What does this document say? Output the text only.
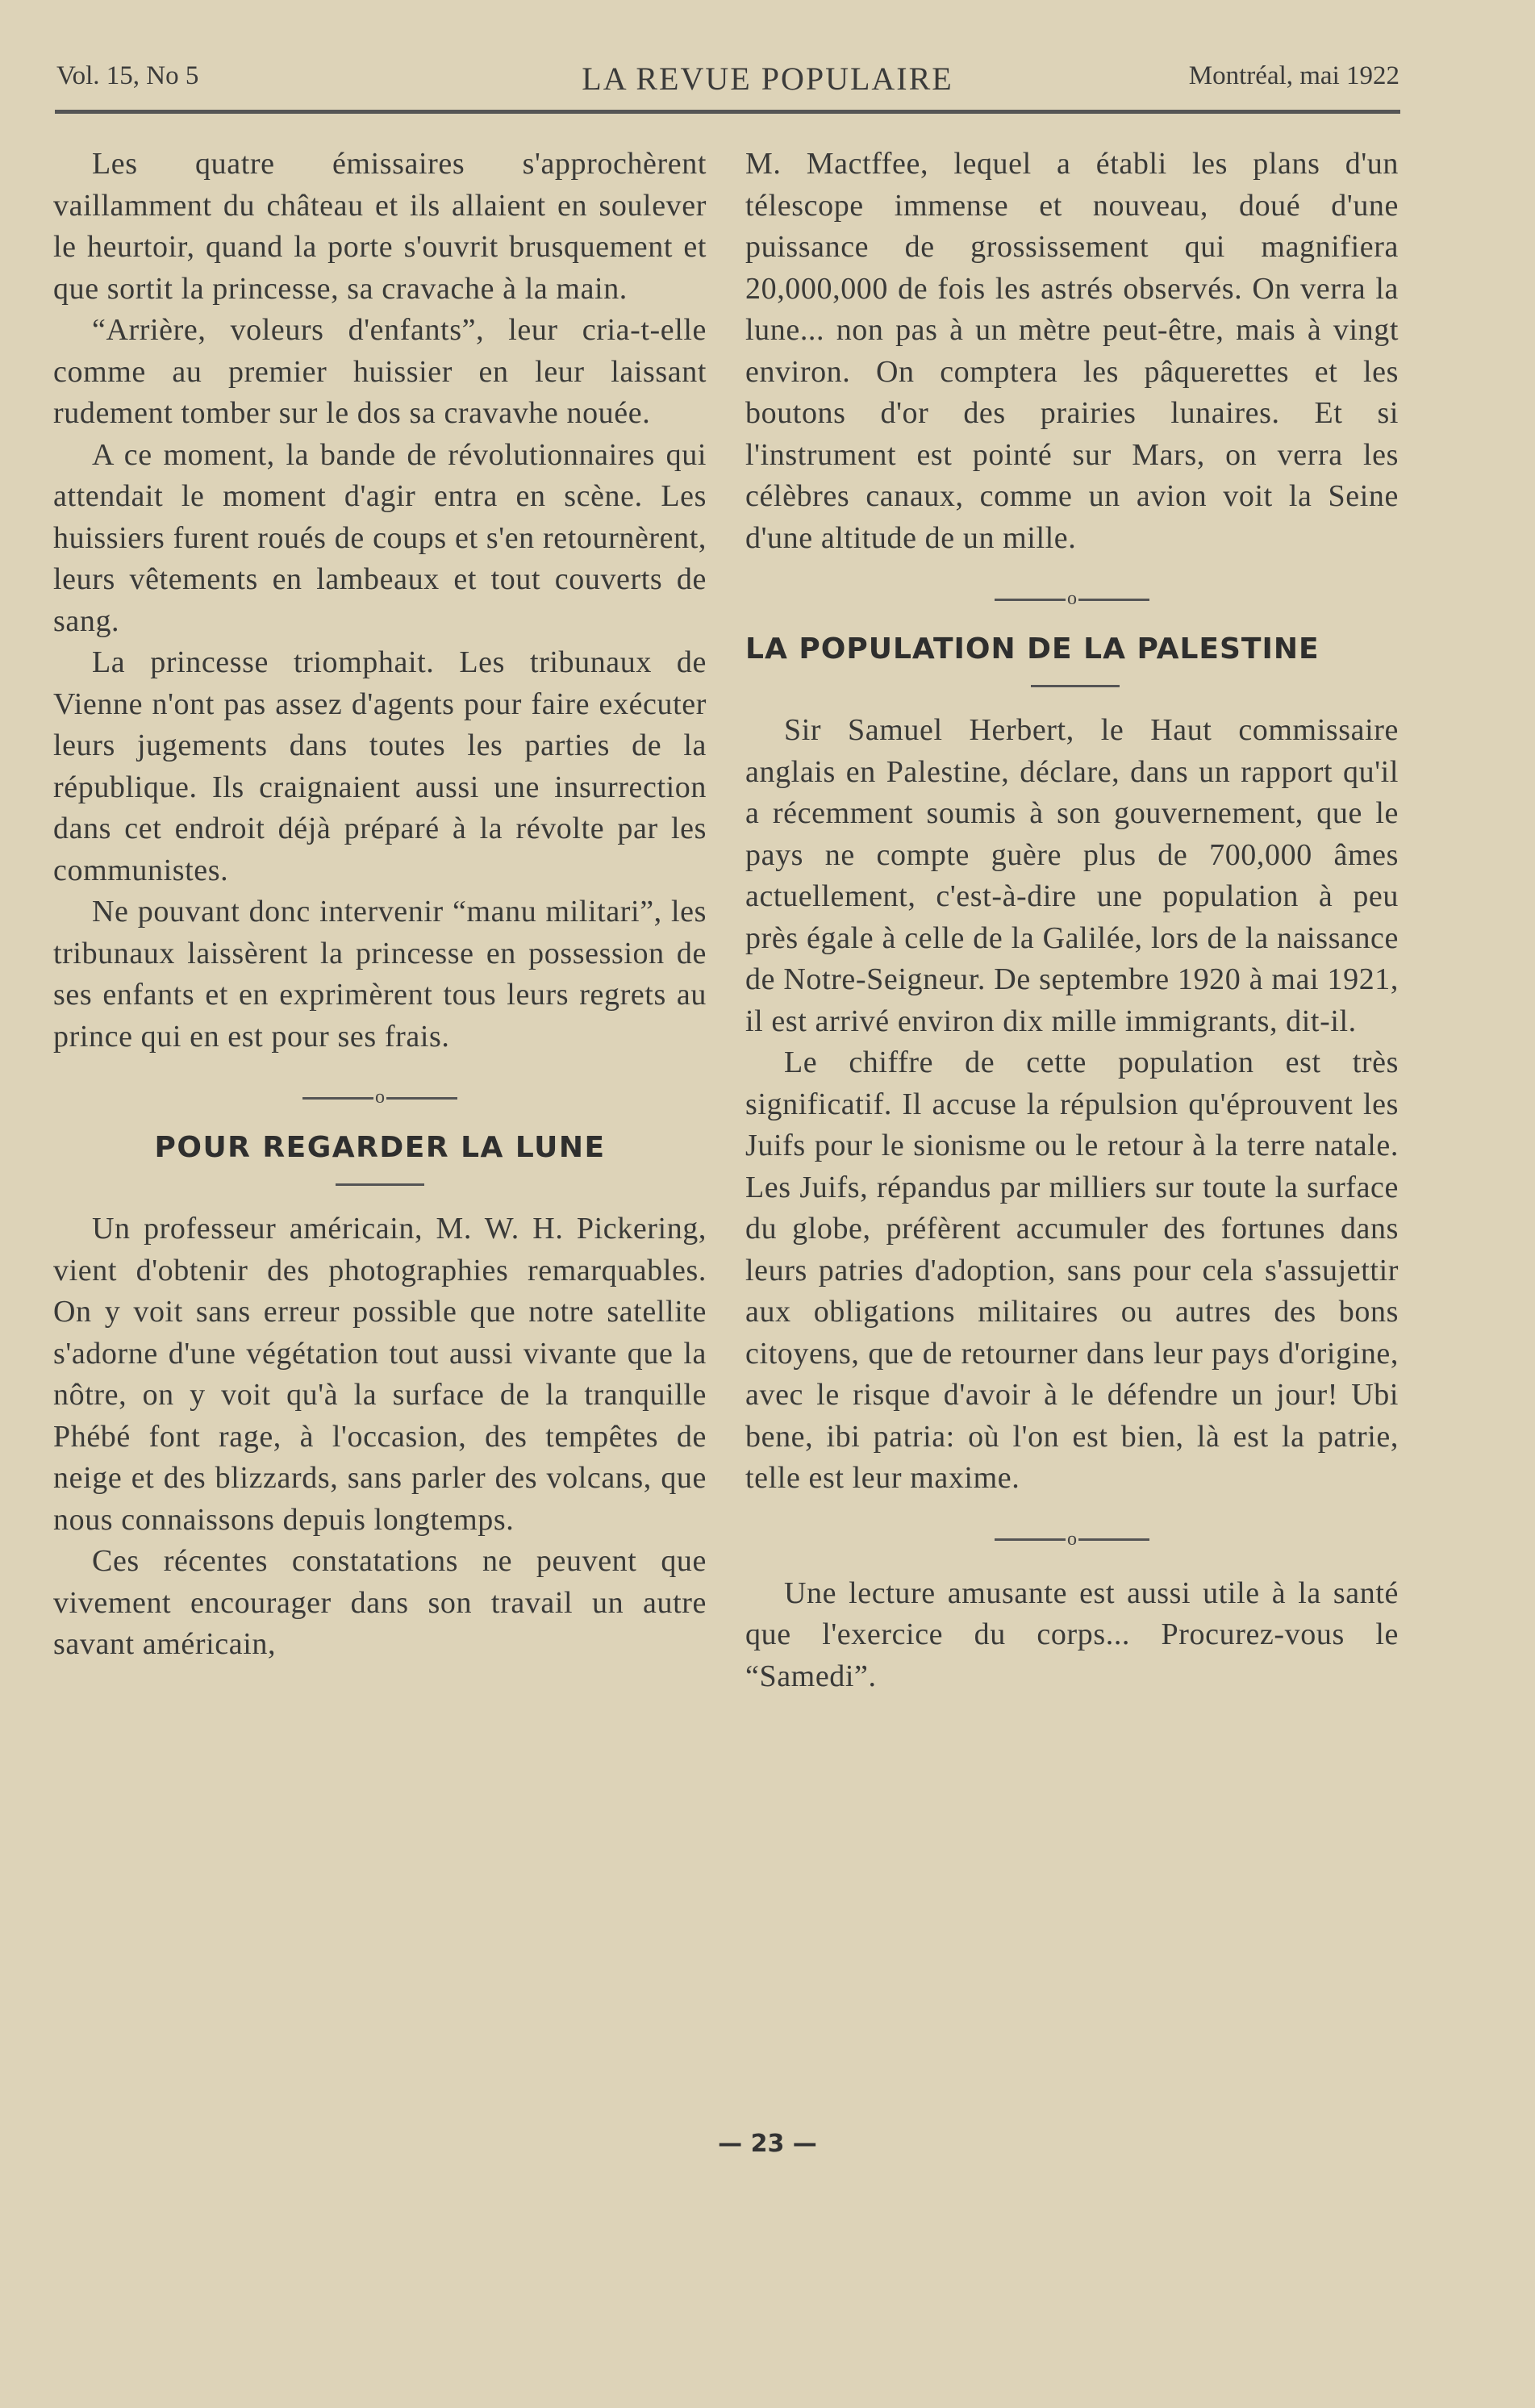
Vol. 15, No 5	LA REVUE POPULAIRE	Montréal, mai 1922

Les quatre émissaires s'approchèrent vaillamment du château et ils allaient en soulever le heurtoir, quand la porte s'ouvrit brusquement et que sortit la princesse, sa cravache à la main.

“Arrière, voleurs d'enfants”, leur cria-t-elle comme au premier huissier en leur laissant rudement tomber sur le dos sa cravavhe nouée.

A ce moment, la bande de révolutionnaires qui attendait le moment d'agir entra en scène. Les huissiers furent roués de coups et s'en retournèrent, leurs vêtements en lambeaux et tout couverts de sang.

La princesse triomphait. Les tribunaux de Vienne n'ont pas assez d'agents pour faire exécuter leurs jugements dans toutes les parties de la république. Ils craignaient aussi une insurrection dans cet endroit déjà préparé à la révolte par les communistes.

Ne pouvant donc intervenir “manu militari”, les tribunaux laissèrent la princesse en possession de ses enfants et en exprimèrent tous leurs regrets au prince qui en est pour ses frais.

o
POUR REGARDER LA LUNE

Un professeur américain, M. W. H. Pickering, vient d'obtenir des photographies remarquables. On y voit sans erreur possible que notre satellite s'adorne d'une végétation tout aussi vivante que la nôtre, on y voit qu'à la surface de la tranquille Phébé font rage, à l'occasion, des tempêtes de neige et des blizzards, sans parler des volcans, que nous connaissons depuis longtemps.

Ces récentes constatations ne peuvent que vivement encourager dans son travail un autre savant américain,

M. Mactffee, lequel a établi les plans d'un télescope immense et nouveau, doué d'une puissance de grossissement qui magnifiera 20,000,000 de fois les astrés observés. On verra la lune... non pas à un mètre peut-être, mais à vingt environ. On comptera les pâquerettes et les boutons d'or des prairies lunaires. Et si l'instrument est pointé sur Mars, on verra les célèbres canaux, comme un avion voit la Seine d'une altitude de un mille.

o
LA POPULATION DE LA PALESTINE

Sir Samuel Herbert, le Haut commissaire anglais en Palestine, déclare, dans un rapport qu'il a récemment soumis à son gouvernement, que le pays ne compte guère plus de 700,000 âmes actuellement, c'est-à-dire une population à peu près égale à celle de la Galilée, lors de la naissance de Notre-Seigneur. De septembre 1920 à mai 1921, il est arrivé environ dix mille immigrants, dit-il.

Le chiffre de cette population est très significatif. Il accuse la répulsion qu'éprouvent les Juifs pour le sionisme ou le retour à la terre natale. Les Juifs, répandus par milliers sur toute la surface du globe, préfèrent accumuler des fortunes dans leurs patries d'adoption, sans pour cela s'assujettir aux obligations militaires ou autres des bons citoyens, que de retourner dans leur pays d'origine, avec le risque d'avoir à le défendre un jour! Ubi bene, ibi patria: où l'on est bien, là est la patrie, telle est leur maxime.

o

Une lecture amusante est aussi utile à la santé que l'exercice du corps... Procurez-vous le “Samedi”.

— 23 —
